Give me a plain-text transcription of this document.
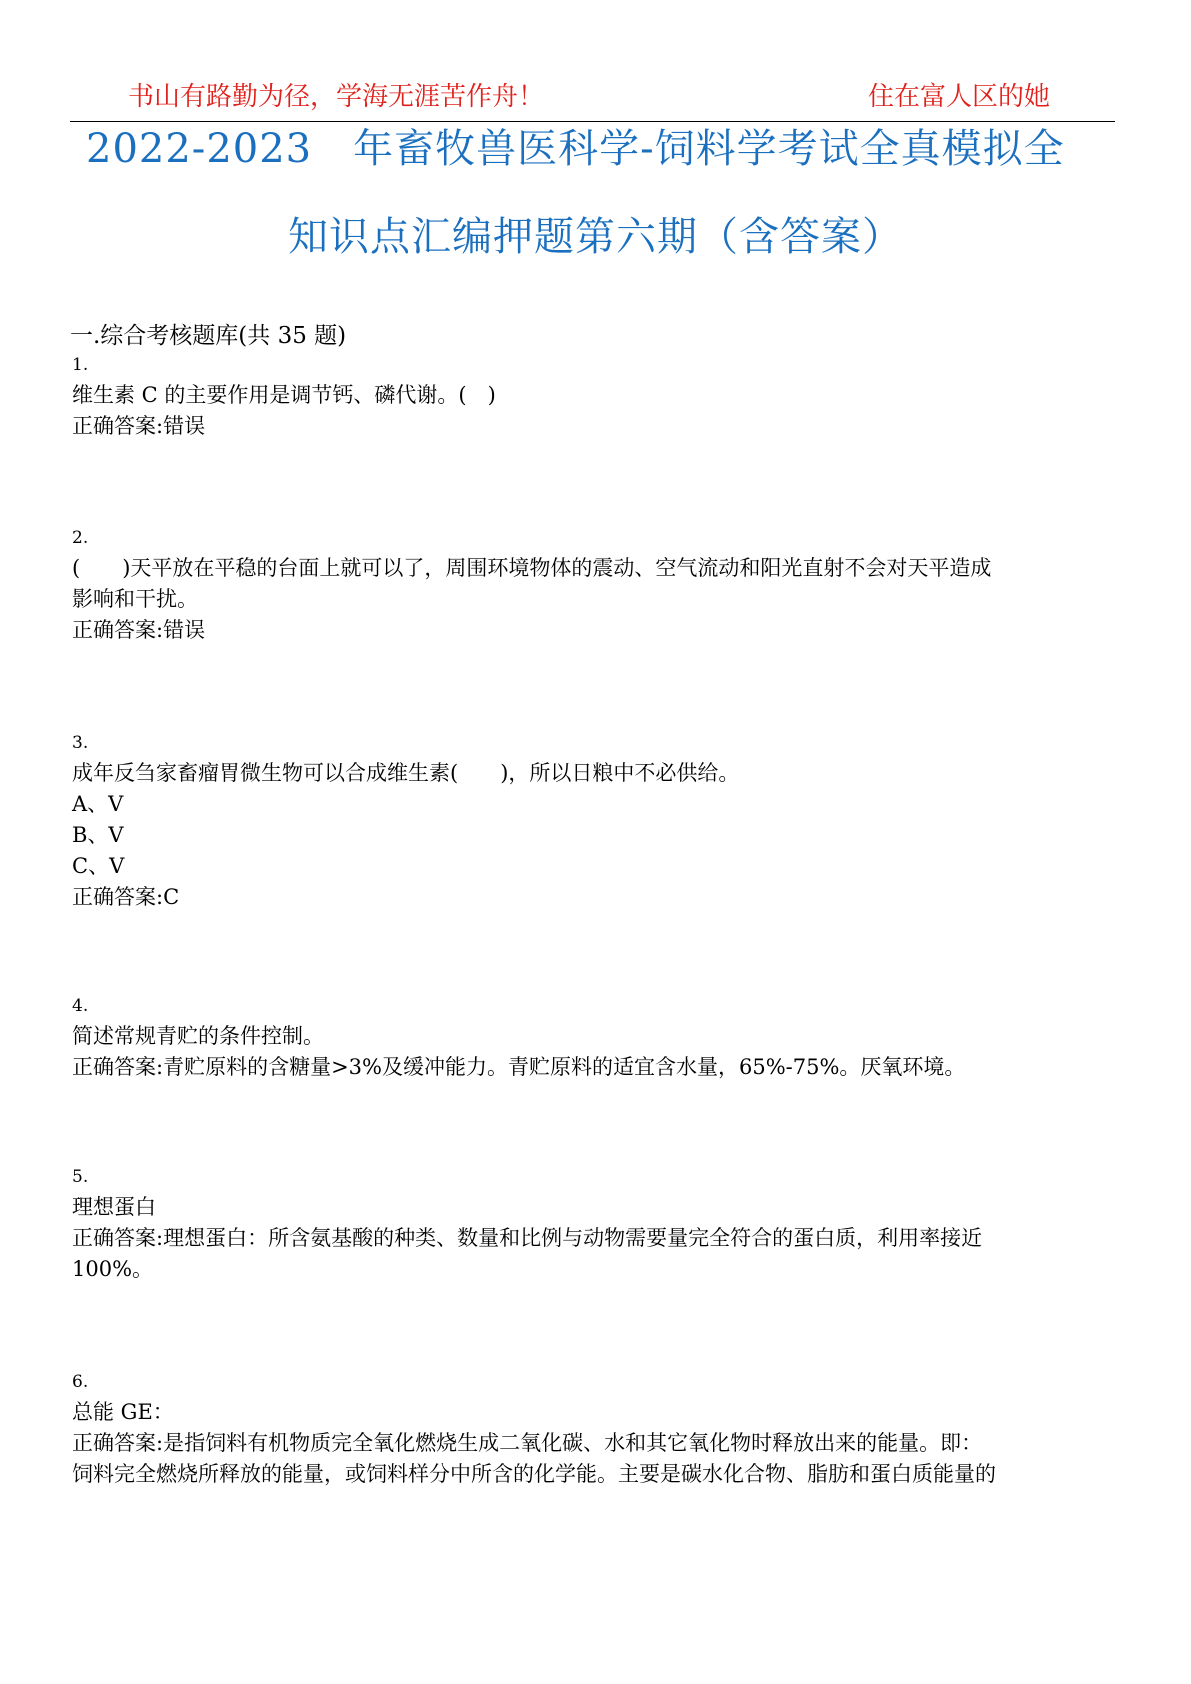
书山有路勤为径，学海无涯苦作舟！	住在富人区的她
2022-2023　年畜牧兽医科学-饲料学考试全真模拟全
知识点汇编押题第六期（含答案）
一.综合考核题库(共 35 题)
1.
维生素 C 的主要作用是调节钙、磷代谢。(　)
正确答案:错误
2.
(　　)天平放在平稳的台面上就可以了，周围环境物体的震动、空气流动和阳光直射不会对天平造成
影响和干扰。
正确答案:错误
3.
成年反刍家畜瘤胃微生物可以合成维生素(　　)，所以日粮中不必供给。
A、V
B、V
C、V
正确答案:C
4.
简述常规青贮的条件控制。
正确答案:青贮原料的含糖量>3%及缓冲能力。青贮原料的适宜含水量，65%-75%。厌氧环境。
5.
理想蛋白
正确答案:理想蛋白：所含氨基酸的种类、数量和比例与动物需要量完全符合的蛋白质，利用率接近
100%。
6.
总能 GE：
正确答案:是指饲料有机物质完全氧化燃烧生成二氧化碳、水和其它氧化物时释放出来的能量。即：
饲料完全燃烧所释放的能量，或饲料样分中所含的化学能。主要是碳水化合物、脂肪和蛋白质能量的
